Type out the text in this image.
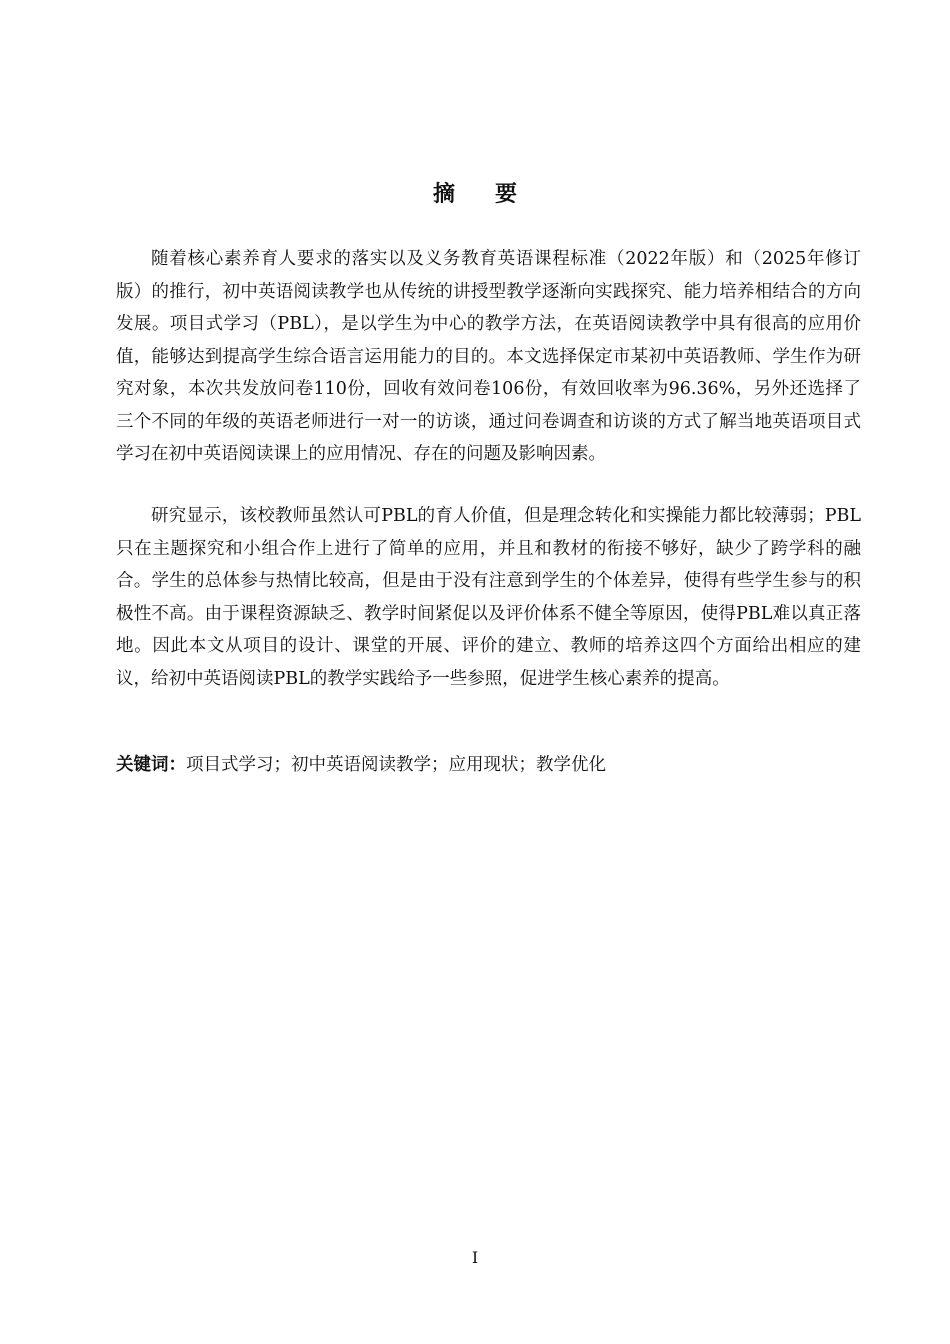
摘要

随着核心素养育人要求的落实以及义务教育英语课程标准（2022年版）和（2025年修订版）的推行，初中英语阅读教学也从传统的讲授型教学逐渐向实践探究、能力培养相结合的方向发展。项目式学习（PBL），是以学生为中心的教学方法，在英语阅读教学中具有很高的应用价值，能够达到提高学生综合语言运用能力的目的。本文选择保定市某初中英语教师、学生作为研究对象，本次共发放问卷110份，回收有效问卷106份，有效回收率为96.36%，另外还选择了三个不同的年级的英语老师进行一对一的访谈，通过问卷调查和访谈的方式了解当地英语项目式学习在初中英语阅读课上的应用情况、存在的问题及影响因素。

研究显示，该校教师虽然认可PBL的育人价值，但是理念转化和实操能力都比较薄弱；PBL只在主题探究和小组合作上进行了简单的应用，并且和教材的衔接不够好，缺少了跨学科的融合。学生的总体参与热情比较高，但是由于没有注意到学生的个体差异，使得有些学生参与的积极性不高。由于课程资源缺乏、教学时间紧促以及评价体系不健全等原因，使得PBL难以真正落地。因此本文从项目的设计、课堂的开展、评价的建立、教师的培养这四个方面给出相应的建议，给初中英语阅读PBL的教学实践给予一些参照，促进学生核心素养的提高。

关键词：项目式学习；初中英语阅读教学；应用现状；教学优化
I
